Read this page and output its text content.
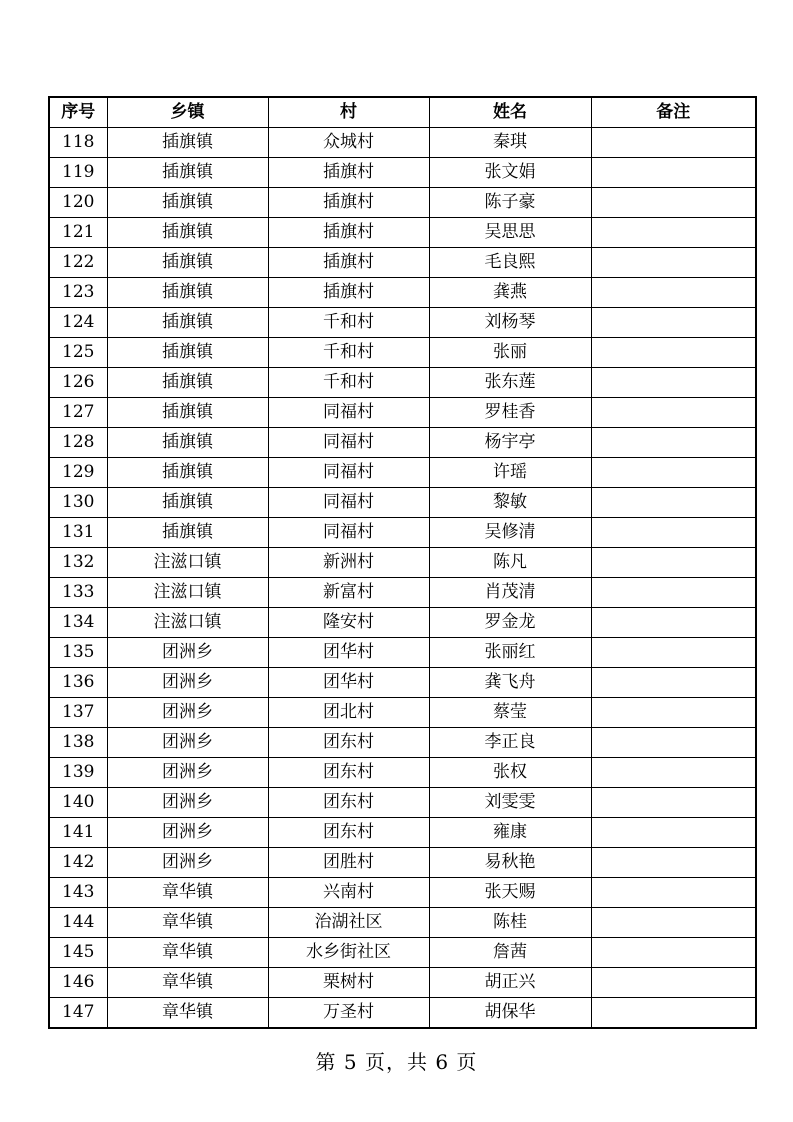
序号	乡镇	村	姓名	备注
118	插旗镇	众城村	秦琪	
119	插旗镇	插旗村	张文娟	
120	插旗镇	插旗村	陈子豪	
121	插旗镇	插旗村	吴思思	
122	插旗镇	插旗村	毛良熙	
123	插旗镇	插旗村	龚燕	
124	插旗镇	千和村	刘杨琴	
125	插旗镇	千和村	张丽	
126	插旗镇	千和村	张东莲	
127	插旗镇	同福村	罗桂香	
128	插旗镇	同福村	杨宇亭	
129	插旗镇	同福村	许瑶	
130	插旗镇	同福村	黎敏	
131	插旗镇	同福村	吴修清	
132	注滋口镇	新洲村	陈凡	
133	注滋口镇	新富村	肖茂清	
134	注滋口镇	隆安村	罗金龙	
135	团洲乡	团华村	张丽红	
136	团洲乡	团华村	龚飞舟	
137	团洲乡	团北村	蔡莹	
138	团洲乡	团东村	李正良	
139	团洲乡	团东村	张权	
140	团洲乡	团东村	刘雯雯	
141	团洲乡	团东村	雍康	
142	团洲乡	团胜村	易秋艳	
143	章华镇	兴南村	张天赐	
144	章华镇	治湖社区	陈桂	
145	章华镇	水乡街社区	詹茜	
146	章华镇	栗树村	胡正兴	
147	章华镇	万圣村	胡保华	
第 5 页，共 6 页
